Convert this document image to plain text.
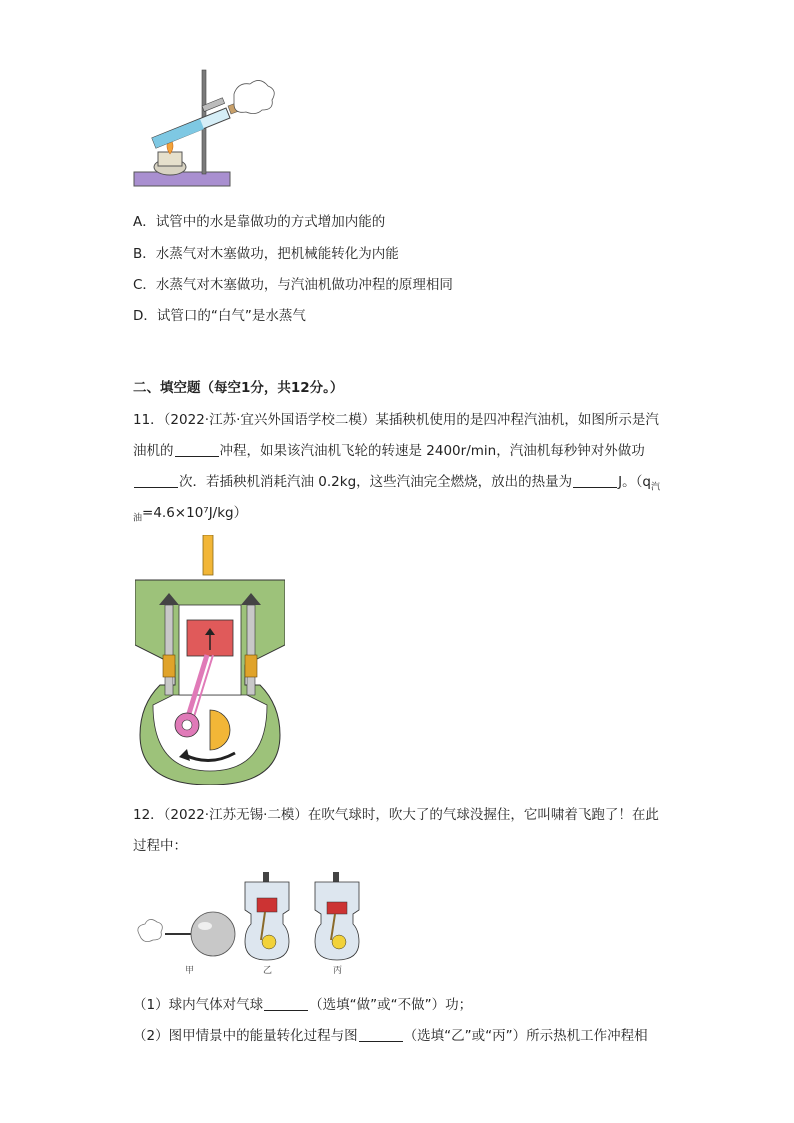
A．试管中的水是靠做功的方式增加内能的
B．水蒸气对木塞做功，把机械能转化为内能
C．水蒸气对木塞做功，与汽油机做功冲程的原理相同
D．试管口的“白气”是水蒸气
二、填空题（每空1分，共12分。）
11．（2022·江苏·宜兴外国语学校二模）某插秧机使用的是四冲程汽油机，如图所示是汽
油机的	冲程，如果该汽油机飞轮的转速是 2400r/min，汽油机每秒钟对外做功
次．若插秧机消耗汽油 0.2kg，这些汽油完全燃烧，放出的热量为	J。（$q_汽$
$_油$=4.6×10⁷J/kg）
12．（2022·江苏无锡·二模）在吹气球时，吹大了的气球没握住，它叫啸着飞跑了！在此
过程中：
甲	乙	丙
（1）球内气体对气球	（选填“做”或“不做”）功；
（2）图甲情景中的能量转化过程与图	（选填“乙”或“丙”）所示热机工作冲程相
